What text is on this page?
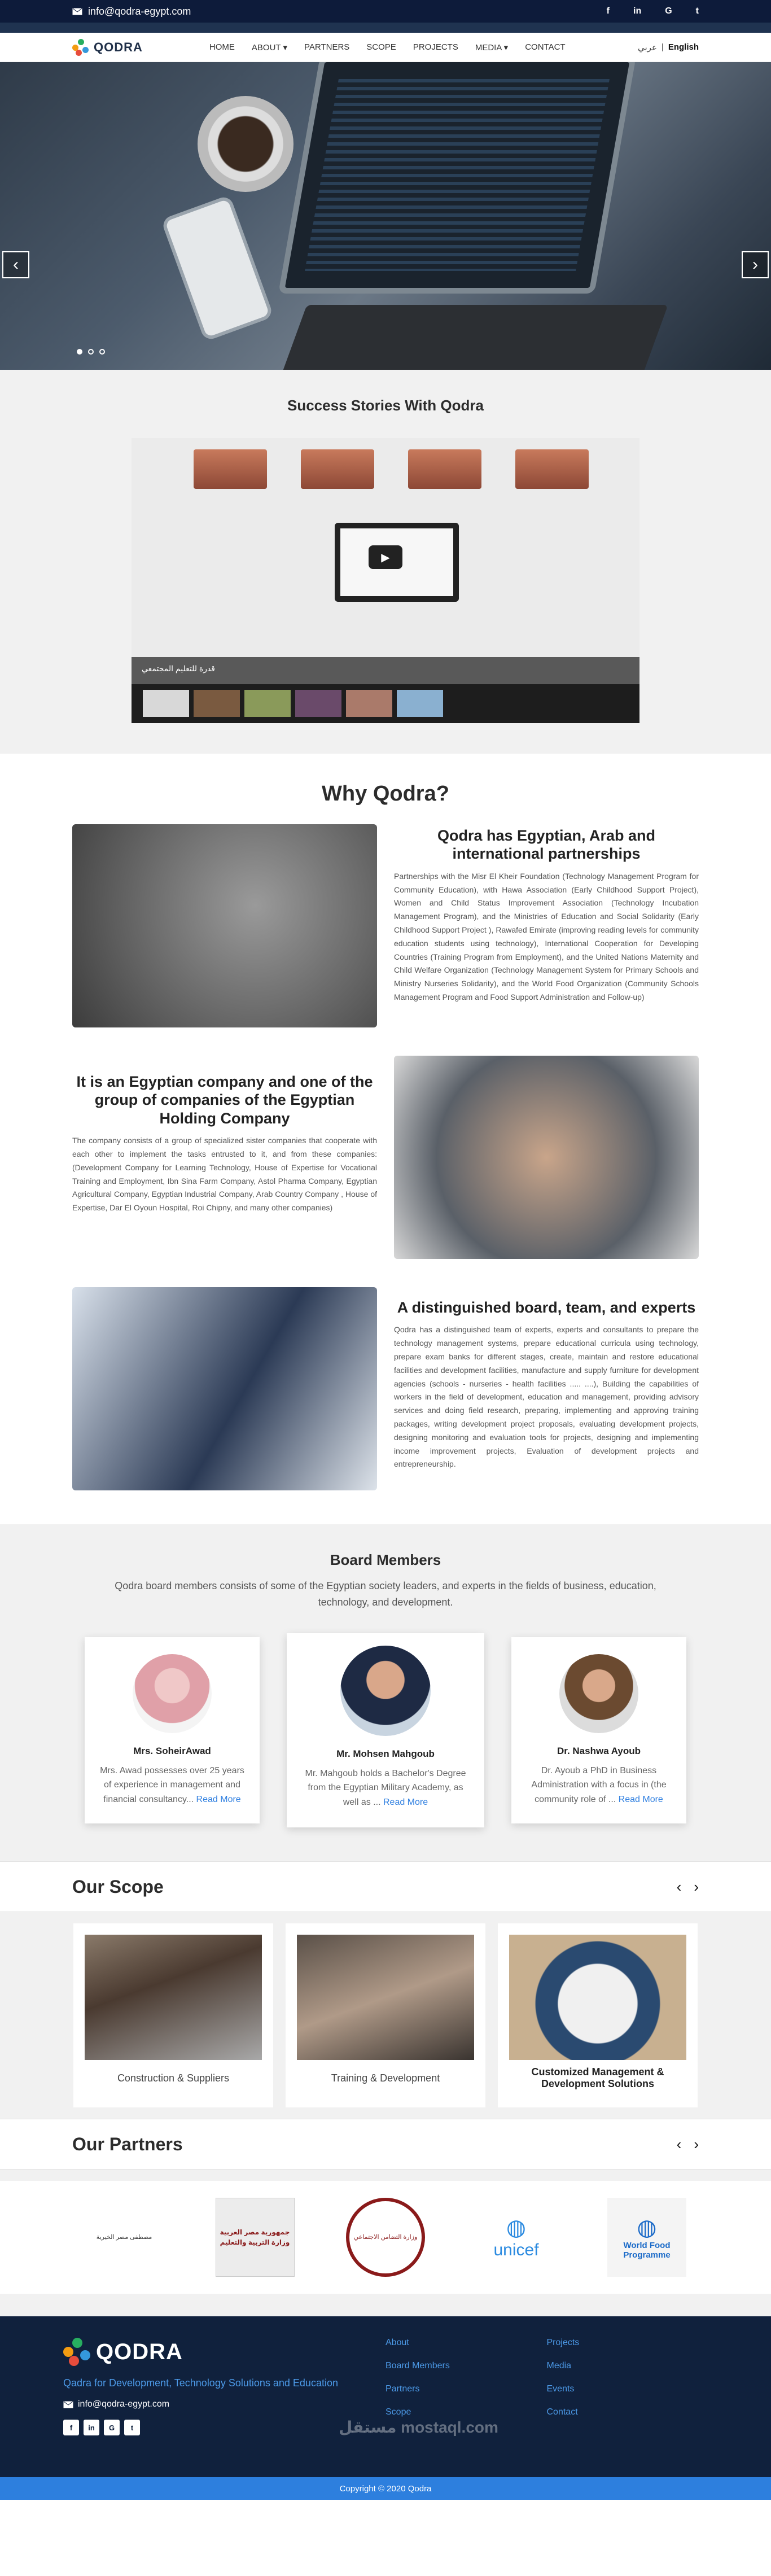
info@qodra-egypt.com	f	in	G	t
QODRA	HOME ABOUT ▾ PARTNERS SCOPE PROJECTS MEDIA ▾ CONTACT	عربي | English
‹	›
Success Stories With Qodra
▶
قدرة للتعليم المجتمعي
Why Qodra?
Qodra has Egyptian, Arab and international partnerships

Partnerships with the Misr El Kheir Foundation (Technology Management Program for Community Education), with Hawa Association (Early Childhood Support Project), Women and Child Status Improvement Association (Technology Incubation Management Program), and the Ministries of Education and Social Solidarity (Early Childhood Support Project ), Rawafed Emirate (improving reading levels for community education students using technology), International Cooperation for Developing Countries (Training Program from Employment), and the United Nations Maternity and Child Welfare Organization (Technology Management System for Primary Schools and Ministry Nurseries Solidarity), and the World Food Organization (Community Schools Management Program and Food Support Administration and Follow-up)

It is an Egyptian company and one of the group of companies of the Egyptian Holding Company

The company consists of a group of specialized sister companies that cooperate with each other to implement the tasks entrusted to it, and from these companies: (Development Company for Learning Technology, House of Expertise for Vocational Training and Employment, Ibn Sina Farm Company, Astol Pharma Company, Egyptian Agricultural Company, Egyptian Industrial Company, Arab Country Company , House of Expertise, Dar El Oyoun Hospital, Roi Chipny, and many other companies)

A distinguished board, team, and experts

Qodra has a distinguished team of experts, experts and consultants to prepare the technology management systems, prepare educational curricula using technology, prepare exam banks for different stages, create, maintain and restore educational facilities and development facilities, manufacture and supply furniture for development agencies (schools - nurseries - health facilities ..... ....), Building the capabilities of workers in the field of development, education and management, providing advisory services and doing field research, preparing, implementing and approving training packages, writing development project proposals, evaluating development projects, designing monitoring and evaluation tools for projects, designing and implementing income improvement projects, Evaluation of development projects and entrepreneurship.

Board Members
Qodra board members consists of some of the Egyptian society leaders, and experts in the fields of business, education, technology, and development.
Mrs. SoheirAwad

Mrs. Awad possesses over 25 years of experience in management and financial consultancy... Read More

Mr. Mohsen Mahgoub

Mr. Mahgoub holds a Bachelor's Degree from the Egyptian Military Academy, as well as ... Read More

Dr. Nashwa Ayoub

Dr. Ayoub a PhD in Business Administration with a focus in (the community role of ... Read More

Our Scope	‹ ›
Construction & Suppliers	Training & Development
Customized Management & Development Solutions
Our Partners	‹ ›
مصطفى مصر الخيرية
جمهورية مصر العربية وزارة التربية والتعليم
وزارة التضامن الاجتماعي	◍
unicef
◍
World Food Programme
QODRA
Qadra for Development, Technology Solutions and Education
info@qodra-egypt.com
f	in	G	t
About
Board Members
Partners
Scope
Projects
Media
Events
Contact
مستقل mostaql.com
Copyright © 2020 Qodra
